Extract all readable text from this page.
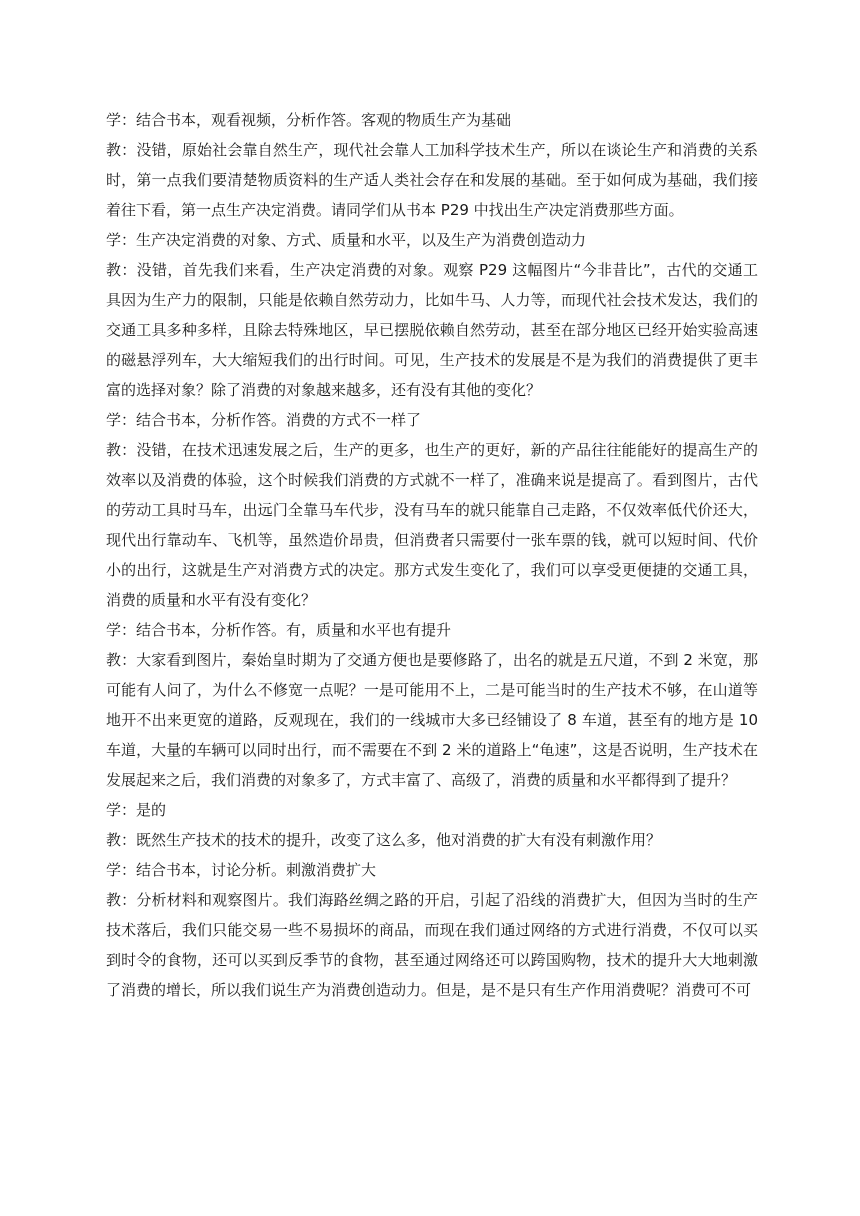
学：结合书本，观看视频，分析作答。客观的物质生产为基础

教：没错，原始社会靠自然生产，现代社会靠人工加科学技术生产，所以在谈论生产和消费的关系时，第一点我们要清楚物质资料的生产适人类社会存在和发展的基础。至于如何成为基础，我们接着往下看，第一点生产决定消费。请同学们从书本 P29 中找出生产决定消费那些方面。

学：生产决定消费的对象、方式、质量和水平，以及生产为消费创造动力

教：没错，首先我们来看，生产决定消费的对象。观察 P29 这幅图片“今非昔比”，古代的交通工具因为生产力的限制，只能是依赖自然劳动力，比如牛马、人力等，而现代社会技术发达，我们的交通工具多种多样，且除去特殊地区，早已摆脱依赖自然劳动，甚至在部分地区已经开始实验高速的磁悬浮列车，大大缩短我们的出行时间。可见，生产技术的发展是不是为我们的消费提供了更丰富的选择对象？除了消费的对象越来越多，还有没有其他的变化？

学：结合书本，分析作答。消费的方式不一样了

教：没错，在技术迅速发展之后，生产的更多，也生产的更好，新的产品往往能能好的提高生产的效率以及消费的体验，这个时候我们消费的方式就不一样了，准确来说是提高了。看到图片，古代的劳动工具时马车，出远门全靠马车代步，没有马车的就只能靠自己走路，不仅效率低代价还大，现代出行靠动车、飞机等，虽然造价昂贵，但消费者只需要付一张车票的钱，就可以短时间、代价小的出行，这就是生产对消费方式的决定。那方式发生变化了，我们可以享受更便捷的交通工具，消费的质量和水平有没有变化？

学：结合书本，分析作答。有，质量和水平也有提升

教：大家看到图片，秦始皇时期为了交通方便也是要修路了，出名的就是五尺道，不到 2 米宽，那可能有人问了，为什么不修宽一点呢？一是可能用不上，二是可能当时的生产技术不够，在山道等地开不出来更宽的道路，反观现在，我们的一线城市大多已经铺设了 8 车道，甚至有的地方是 10 车道，大量的车辆可以同时出行，而不需要在不到 2 米的道路上“龟速”，这是否说明，生产技术在发展起来之后，我们消费的对象多了，方式丰富了、高级了，消费的质量和水平都得到了提升？

学：是的

教：既然生产技术的技术的提升，改变了这么多，他对消费的扩大有没有刺激作用？

学：结合书本，讨论分析。刺激消费扩大

教：分析材料和观察图片。我们海路丝绸之路的开启，引起了沿线的消费扩大，但因为当时的生产技术落后，我们只能交易一些不易损坏的商品，而现在我们通过网络的方式进行消费，不仅可以买到时令的食物，还可以买到反季节的食物，甚至通过网络还可以跨国购物，技术的提升大大地刺激了消费的增长，所以我们说生产为消费创造动力。但是，是不是只有生产作用消费呢？消费可不可
